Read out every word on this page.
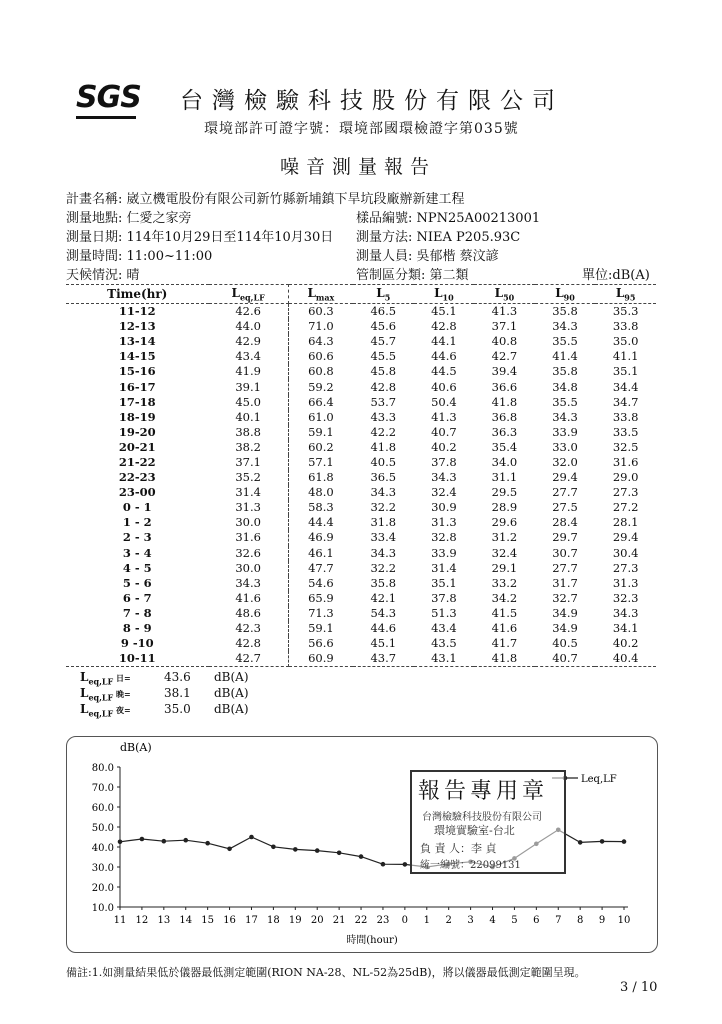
SGS 台灣檢驗科技股份有限公司
環境部許可證字號：環境部國環檢證字第035號
噪音測量報告
計畫名稱: 崴立機電股份有限公司新竹縣新埔鎮下旱坑段廠辦新建工程
測量地點: 仁愛之家旁
測量日期: 114年10月29日至114年10月30日
測量時間: 11:00~11:00
天候情況: 晴
樣品編號: NPN25A00213001
測量方法: NIEA P205.93C
測量人員: 吳郁楷 蔡汶諺
管制區分類: 第二類	單位:dB(A)
Time(hr)	$L_{eq,LF}$	$L_{max}$	$L_5$	$L_{10}$	$L_{50}$	$L_{90}$	$L_{95}$
11-12	42.6	60.3	46.5	45.1	41.3	35.8	35.3
12-13	44.0	71.0	45.6	42.8	37.1	34.3	33.8
13-14	42.9	64.3	45.7	44.1	40.8	35.5	35.0
14-15	43.4	60.6	45.5	44.6	42.7	41.4	41.1
15-16	41.9	60.8	45.8	44.5	39.4	35.8	35.1
16-17	39.1	59.2	42.8	40.6	36.6	34.8	34.4
17-18	45.0	66.4	53.7	50.4	41.8	35.5	34.7
18-19	40.1	61.0	43.3	41.3	36.8	34.3	33.8
19-20	38.8	59.1	42.2	40.7	36.3	33.9	33.5
20-21	38.2	60.2	41.8	40.2	35.4	33.0	32.5
21-22	37.1	57.1	40.5	37.8	34.0	32.0	31.6
22-23	35.2	61.8	36.5	34.3	31.1	29.4	29.0
23-00	31.4	48.0	34.3	32.4	29.5	27.7	27.3
0 - 1	31.3	58.3	32.2	30.9	28.9	27.5	27.2
1 - 2	30.0	44.4	31.8	31.3	29.6	28.4	28.1
2 - 3	31.6	46.9	33.4	32.8	31.2	29.7	29.4
3 - 4	32.6	46.1	34.3	33.9	32.4	30.7	30.4
4 - 5	30.0	47.7	32.2	31.4	29.1	27.7	27.3
5 - 6	34.3	54.6	35.8	35.1	33.2	31.7	31.3
6 - 7	41.6	65.9	42.1	37.8	34.2	32.7	32.3
7 - 8	48.6	71.3	54.3	51.3	41.5	34.9	34.3
8 - 9	42.3	59.1	44.6	43.4	41.6	34.9	34.1
9 -10	42.8	56.6	45.1	43.5	41.7	40.5	40.2
10-11	42.7	60.9	43.7	43.1	41.8	40.7	40.4
$L_{eq,LF}$ 日=	43.6 dB(A)
$L_{eq,LF}$ 晚=	38.1 dB(A)
$L_{eq,LF}$ 夜=	35.0 dB(A)
dB(A)
10.0
20.0
30.0
40.0
50.0
60.0
70.0
80.0
11 12 13 14 15 16 17 18 19 20 21 22 23 0 1 2 3 4 5 6 7 8 9 10
時間(hour)
Leq,LF
報告專用章
台灣檢驗科技股份有限公司
環境實驗室-台北
負 責 人：李 貞
統一編號：22099131
備註:1.如測量結果低於儀器最低測定範圍(RION NA-28、NL-52為25dB)，將以儀器最低測定範圍呈現。
3 / 10
